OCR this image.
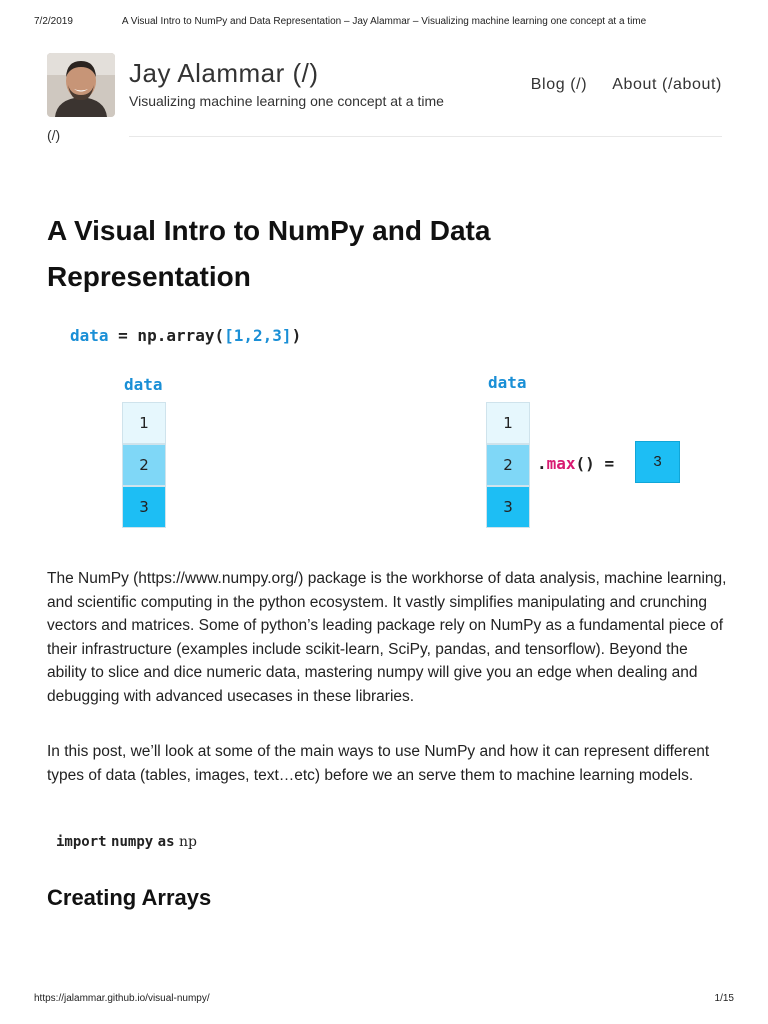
7/2/2019	A Visual Intro to NumPy and Data Representation – Jay Alammar – Visualizing machine learning one concept at a time
Jay Alammar (/)
Visualizing machine learning one concept at a time
(/)
Blog (/) About (/about)
A Visual Intro to NumPy and Data Representation
data = np.array([1,2,3])
data
1
2
3
data
1
2
3
.max() =	3

The NumPy (https://www.numpy.org/) package is the workhorse of data analysis, machine learning, and scientific computing in the python ecosystem. It vastly simplifies manipulating and crunching vectors and matrices. Some of python’s leading package rely on NumPy as a fundamental piece of their infrastructure (examples include scikit-learn, SciPy, pandas, and tensorflow). Beyond the ability to slice and dice numeric data, mastering numpy will give you an edge when dealing and debugging with advanced usecases in these libraries.

In this post, we’ll look at some of the main ways to use NumPy and how it can represent different types of data (tables, images, text…etc) before we an serve them to machine learning models.

import numpy as np
Creating Arrays
https://jalammar.github.io/visual-numpy/	1/15
